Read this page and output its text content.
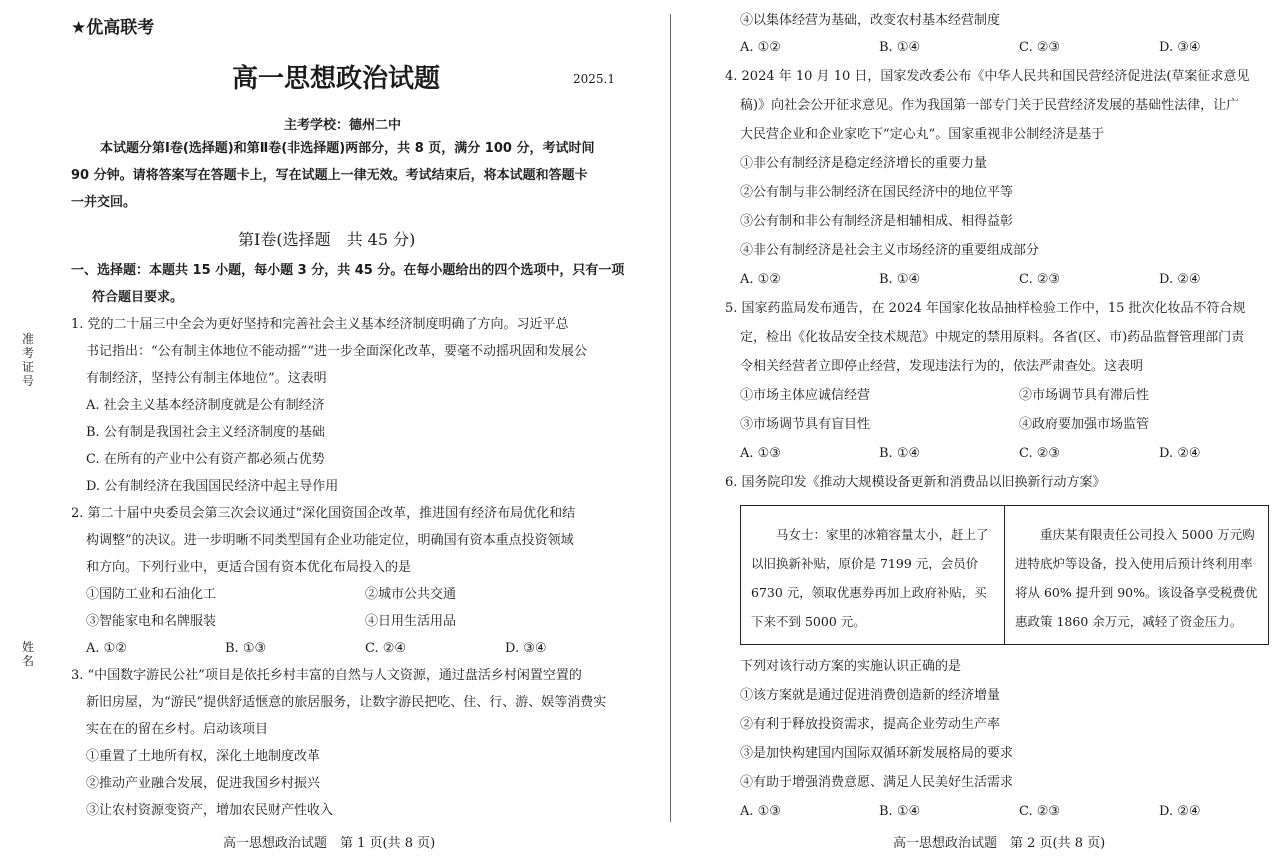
准考证号
姓名
★优高联考
高一思想政治试题	2025.1
主考学校：德州二中
本试题分第Ⅰ卷(选择题)和第Ⅱ卷(非选择题)两部分，共 8 页，满分 100 分，考试时间
90 分钟。请将答案写在答题卡上，写在试题上一律无效。考试结束后，将本试题和答题卡
一并交回。
第Ⅰ卷(选择题　共 45 分)
一、选择题：本题共 15 小题，每小题 3 分，共 45 分。在每小题给出的四个选项中，只有一项
符合题目要求。
1. 党的二十届三中全会为更好坚持和完善社会主义基本经济制度明确了方向。习近平总
书记指出：“公有制主体地位不能动摇”“进一步全面深化改革，要毫不动摇巩固和发展公
有制经济，坚持公有制主体地位”。这表明
A. 社会主义基本经济制度就是公有制经济
B. 公有制是我国社会主义经济制度的基础
C. 在所有的产业中公有资产都必须占优势
D. 公有制经济在我国国民经济中起主导作用
2. 第二十届中央委员会第三次会议通过“深化国资国企改革，推进国有经济布局优化和结
构调整”的决议。进一步明晰不同类型国有企业功能定位，明确国有资本重点投资领域
和方向。下列行业中，更适合国有资本优化布局投入的是
①国防工业和石油化工	②城市公共交通
③智能家电和名牌服装	④日用生活用品
A. ①②	B. ①③	C. ②④	D. ③④
3. “中国数字游民公社”项目是依托乡村丰富的自然与人文资源，通过盘活乡村闲置空置的
新旧房屋，为“游民”提供舒适惬意的旅居服务，让数字游民把吃、住、行、游、娱等消费实
实在在的留在乡村。启动该项目
①重置了土地所有权，深化土地制度改革
②推动产业融合发展，促进我国乡村振兴
③让农村资源变资产，增加农民财产性收入
高一思想政治试题　第 1 页(共 8 页)
④以集体经营为基础，改变农村基本经营制度
A. ①②	B. ①④	C. ②③	D. ③④
4. 2024 年 10 月 10 日，国家发改委公布《中华人民共和国民营经济促进法(草案征求意见
稿)》向社会公开征求意见。作为我国第一部专门关于民营经济发展的基础性法律，让广
大民营企业和企业家吃下“定心丸”。国家重视非公制经济是基于
①非公有制经济是稳定经济增长的重要力量
②公有制与非公制经济在国民经济中的地位平等
③公有制和非公有制经济是相辅相成、相得益彰
④非公有制经济是社会主义市场经济的重要组成部分
A. ①②	B. ①④	C. ②③	D. ②④
5. 国家药监局发布通告，在 2024 年国家化妆品抽样检验工作中，15 批次化妆品不符合规
定，检出《化妆品安全技术规范》中规定的禁用原料。各省(区、市)药品监督管理部门责
令相关经营者立即停止经营，发现违法行为的，依法严肃查处。这表明
①市场主体应诚信经营	②市场调节具有滞后性
③市场调节具有盲目性	④政府要加强市场监管
A. ①③	B. ①④	C. ②③	D. ②④
6. 国务院印发《推动大规模设备更新和消费品以旧换新行动方案》
马女士：家里的冰箱容量太小，赶上了以旧换新补贴，原价是 7199 元，会员价 6730 元，领取优惠券再加上政府补贴，买下来不到 5000 元。	重庆某有限责任公司投入 5000 万元购进特底炉等设备，投入使用后预计终利用率将从 60% 提升到 90%。该设备享受税费优惠政策 1860 余万元，减轻了资金压力。
下列对该行动方案的实施认识正确的是
①该方案就是通过促进消费创造新的经济增量
②有利于释放投资需求，提高企业劳动生产率
③是加快构建国内国际双循环新发展格局的要求
④有助于增强消费意愿、满足人民美好生活需求
A. ①③	B. ①④	C. ②③	D. ②④
高一思想政治试题　第 2 页(共 8 页)
